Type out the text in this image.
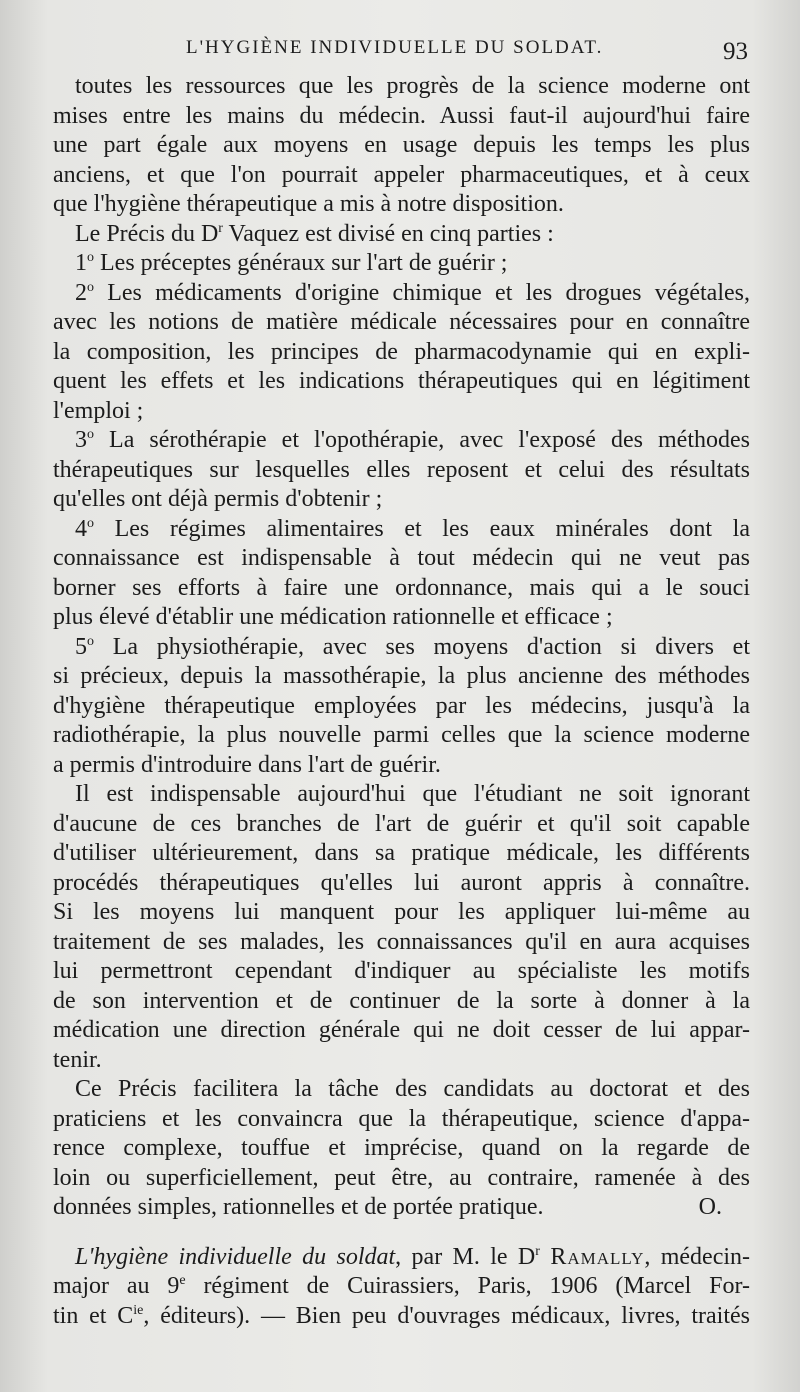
L'HYGIÈNE INDIVIDUELLE DU SOLDAT.	93
toutes les ressources que les progrès de la science moderne ont
mises entre les mains du médecin. Aussi faut-il aujourd'hui faire
une part égale aux moyens en usage depuis les temps les plus
anciens, et que l'on pourrait appeler pharmaceutiques, et à ceux
que l'hygiène thérapeutique a mis à notre disposition.
Le Précis du $D^r$ Vaquez est divisé en cinq parties :
1$^o$ Les préceptes généraux sur l'art de guérir ;
2$^o$ Les médicaments d'origine chimique et les drogues végétales,
avec les notions de matière médicale nécessaires pour en connaître
la composition, les principes de pharmacodynamie qui en expli-
quent les effets et les indications thérapeutiques qui en légitiment
l'emploi ;
3$^o$ La sérothérapie et l'opothérapie, avec l'exposé des méthodes
thérapeutiques sur lesquelles elles reposent et celui des résultats
qu'elles ont déjà permis d'obtenir ;
4$^o$ Les régimes alimentaires et les eaux minérales dont la
connaissance est indispensable à tout médecin qui ne veut pas
borner ses efforts à faire une ordonnance, mais qui a le souci
plus élevé d'établir une médication rationnelle et efficace ;
5$^o$ La physiothérapie, avec ses moyens d'action si divers et
si précieux, depuis la massothérapie, la plus ancienne des méthodes
d'hygiène thérapeutique employées par les médecins, jusqu'à la
radiothérapie, la plus nouvelle parmi celles que la science moderne
a permis d'introduire dans l'art de guérir.
Il est indispensable aujourd'hui que l'étudiant ne soit ignorant
d'aucune de ces branches de l'art de guérir et qu'il soit capable
d'utiliser ultérieurement, dans sa pratique médicale, les différents
procédés thérapeutiques qu'elles lui auront appris à connaître.
Si les moyens lui manquent pour les appliquer lui-même au
traitement de ses malades, les connaissances qu'il en aura acquises
lui permettront cependant d'indiquer au spécialiste les motifs
de son intervention et de continuer de la sorte à donner à la
médication une direction générale qui ne doit cesser de lui appar-
tenir.
Ce Précis facilitera la tâche des candidats au doctorat et des
praticiens et les convaincra que la thérapeutique, science d'appa-
rence complexe, touffue et imprécise, quand on la regarde de
loin ou superficiellement, peut être, au contraire, ramenée à des
données simples, rationnelles et de portée pratique.	O.
L'hygiène individuelle du soldat, par M. le $D^r$ Ramally, médecin-
major au 9e régiment de Cuirassiers, Paris, 1906 (Marcel For-
tin et $C^{ie}$, éditeurs). — Bien peu d'ouvrages médicaux, livres, traités
